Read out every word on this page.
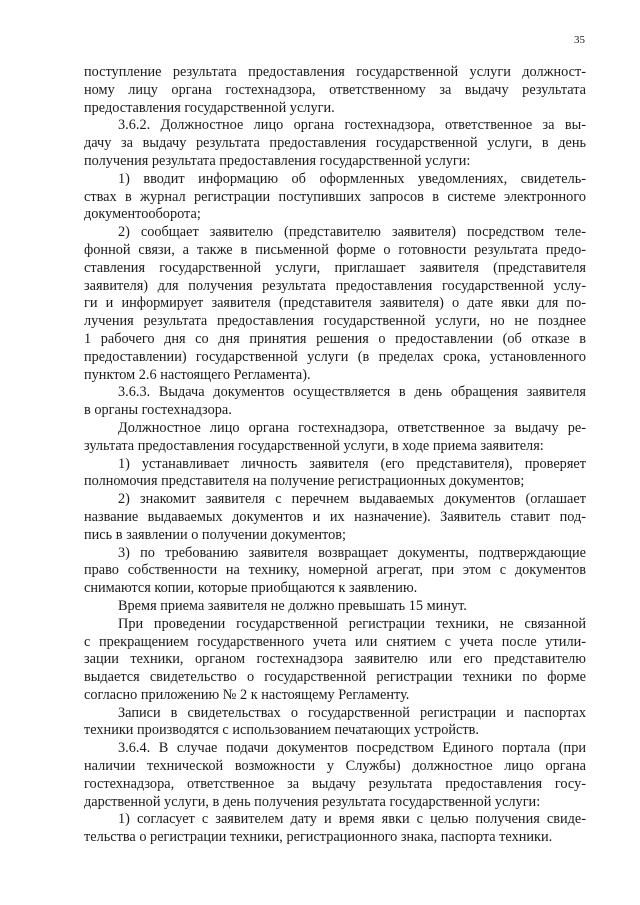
35
поступление результата предоставления государственной услуги должност-
ному лицу органа гостехнадзора, ответственному за выдачу результата
предоставления государственной услуги.
3.6.2. Должностное лицо органа гостехнадзора, ответственное за вы-
дачу за выдачу результата предоставления государственной услуги, в день
получения результата предоставления государственной услуги:
1) вводит информацию об оформленных уведомлениях, свидетель-
ствах в журнал регистрации поступивших запросов в системе электронного
документооборота;
2) сообщает заявителю (представителю заявителя) посредством теле-
фонной связи, а также в письменной форме о готовности результата предо-
ставления государственной услуги, приглашает заявителя (представителя
заявителя) для получения результата предоставления государственной услу-
ги и информирует заявителя (представителя заявителя) о дате явки для по-
лучения результата предоставления государственной услуги, но не позднее
1 рабочего дня со дня принятия решения о предоставлении (об отказе в
предоставлении) государственной услуги (в пределах срока, установленного
пунктом 2.6 настоящего Регламента).
3.6.3. Выдача документов осуществляется в день обращения заявителя
в органы гостехнадзора.
Должностное лицо органа гостехнадзора, ответственное за выдачу ре-
зультата предоставления государственной услуги, в ходе приема заявителя:
1) устанавливает личность заявителя (его представителя), проверяет
полномочия представителя на получение регистрационных документов;
2) знакомит заявителя с перечнем выдаваемых документов (оглашает
название выдаваемых документов и их назначение). Заявитель ставит под-
пись в заявлении о получении документов;
3) по требованию заявителя возвращает документы, подтверждающие
право собственности на технику, номерной агрегат, при этом с документов
снимаются копии, которые приобщаются к заявлению.
Время приема заявителя не должно превышать 15 минут.
При проведении государственной регистрации техники, не связанной
с прекращением государственного учета или снятием с учета после утили-
зации техники, органом гостехнадзора заявителю или его представителю
выдается свидетельство о государственной регистрации техники по форме
согласно приложению № 2 к настоящему Регламенту.
Записи в свидетельствах о государственной регистрации и паспортах
техники производятся с использованием печатающих устройств.
3.6.4. В случае подачи документов посредством Единого портала (при
наличии технической возможности у Службы) должностное лицо органа
гостехнадзора, ответственное за выдачу результата предоставления госу-
дарственной услуги, в день получения результата государственной услуги:
1) согласует с заявителем дату и время явки с целью получения свиде-
тельства о регистрации техники, регистрационного знака, паспорта техники.
